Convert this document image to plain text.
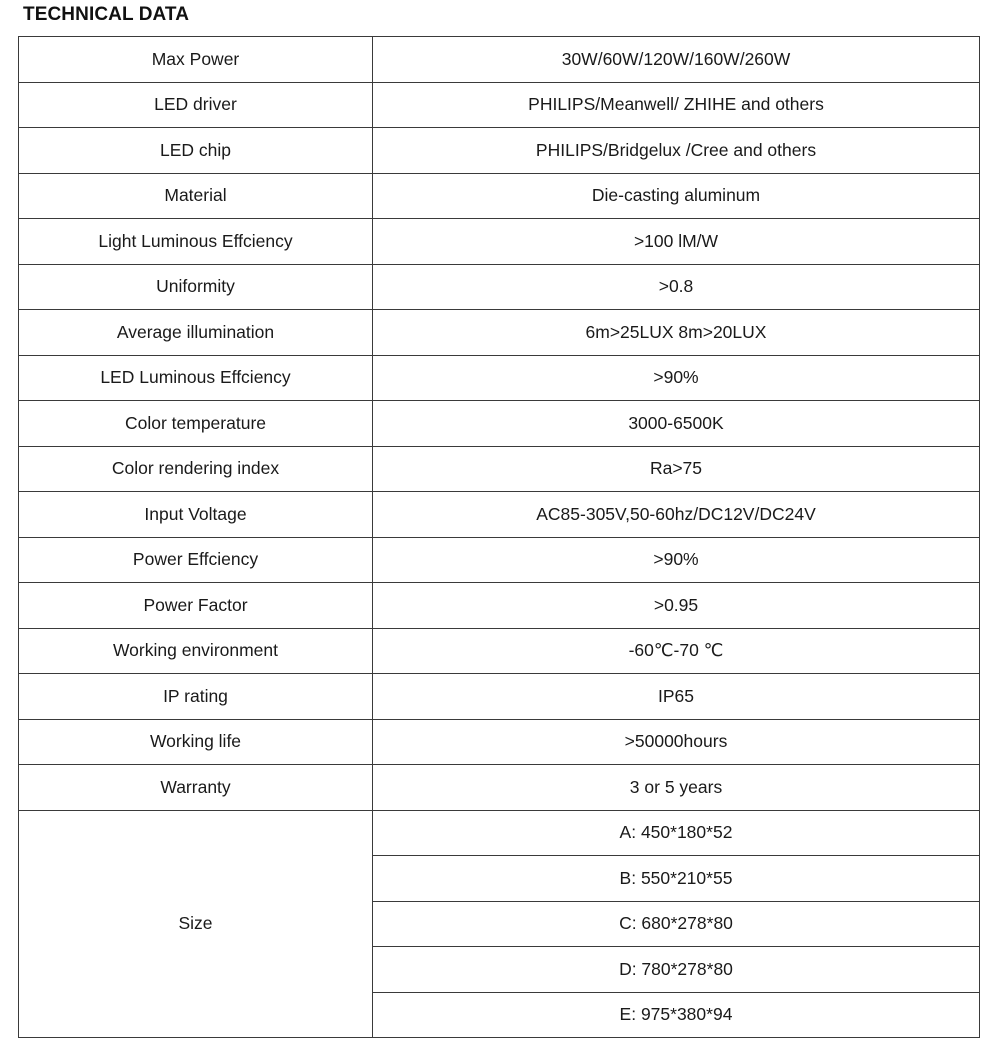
TECHNICAL DATA
Max Power	30W/60W/120W/160W/260W
LED driver	PHILIPS/Meanwell/ ZHIHE and others
LED chip	PHILIPS/Bridgelux /Cree and others
Material	Die-casting aluminum
Light Luminous Effciency	>100 lM/W
Uniformity	>0.8
Average illumination	6m>25LUX 8m>20LUX
LED Luminous Effciency	>90%
Color temperature	3000-6500K
Color rendering index	Ra>75
Input Voltage	AC85-305V,50-60hz/DC12V/DC24V
Power Effciency	>90%
Power Factor	>0.95
Working environment	-60℃-70 ℃
IP rating	IP65
Working life	>50000hours
Warranty	3 or 5 years
Size	A: 450*180*52
	B: 550*210*55
	C: 680*278*80
	D: 780*278*80
	E: 975*380*94
